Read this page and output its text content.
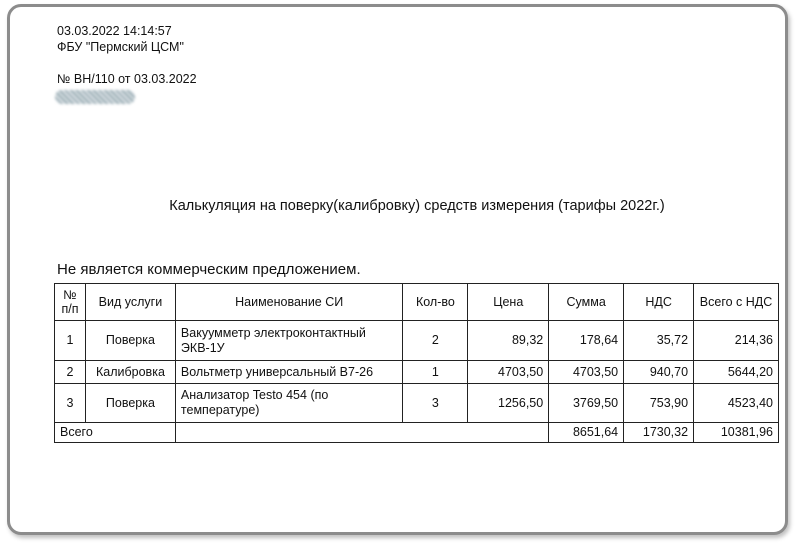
03.03.2022 14:14:57
ФБУ "Пермский ЦСМ"
№ ВН/110 от 03.03.2022
Калькуляция на поверку(калибровку) средств измерения (тарифы 2022г.)
Не является коммерческим предложением.
№ п/п	Вид услуги	Наименование СИ	Кол-во	Цена	Сумма	НДС	Всего с НДС
1	Поверка	Вакуумметр электроконтактный ЭКВ-1У	2	89,32	178,64	35,72	214,36
2	Калибровка	Вольтметр универсальный В7-26	1	4703,50	4703,50	940,70	5644,20
3	Поверка	Анализатор Testo 454 (по температуре)	3	1256,50	3769,50	753,90	4523,40
Всего					8651,64	1730,32	10381,96
